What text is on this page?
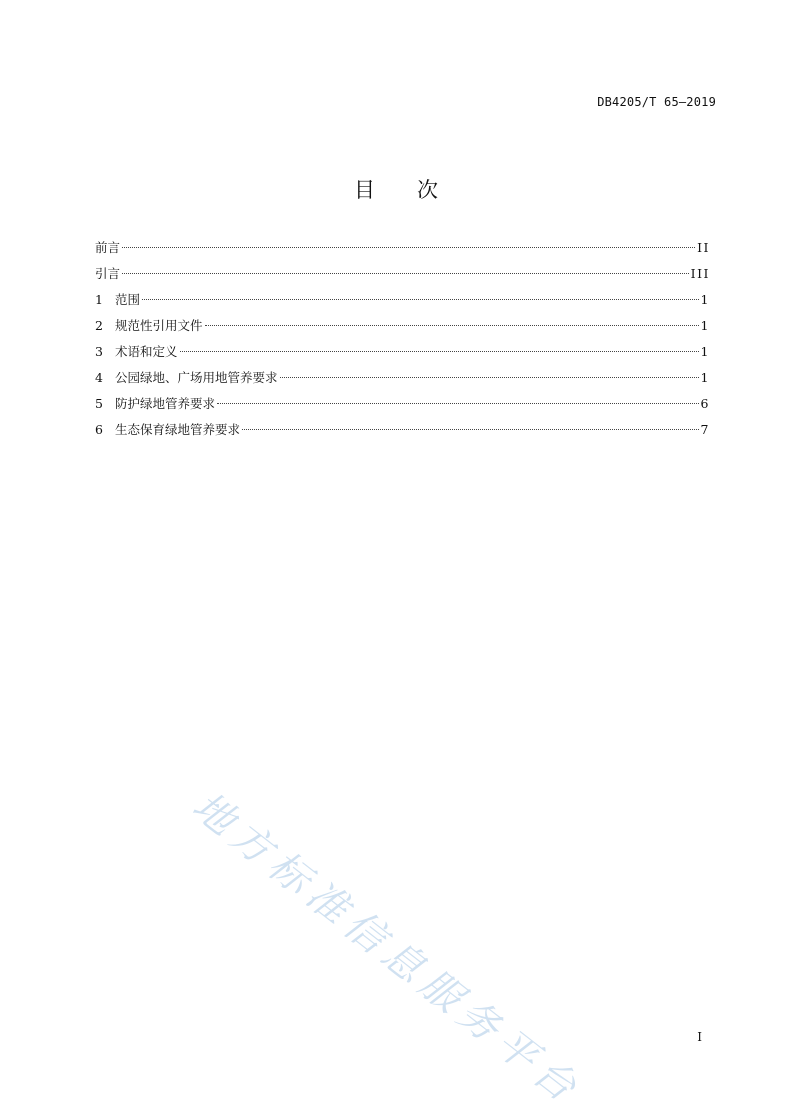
DB4205/T 65—2019
目 次
前言	II
引言	III
1 范围	1
2 规范性引用文件	1
3 术语和定义	1
4 公园绿地、广场用地管养要求	1
5 防护绿地管养要求	6
6 生态保育绿地管养要求	7
地方标准信息服务平台	I
